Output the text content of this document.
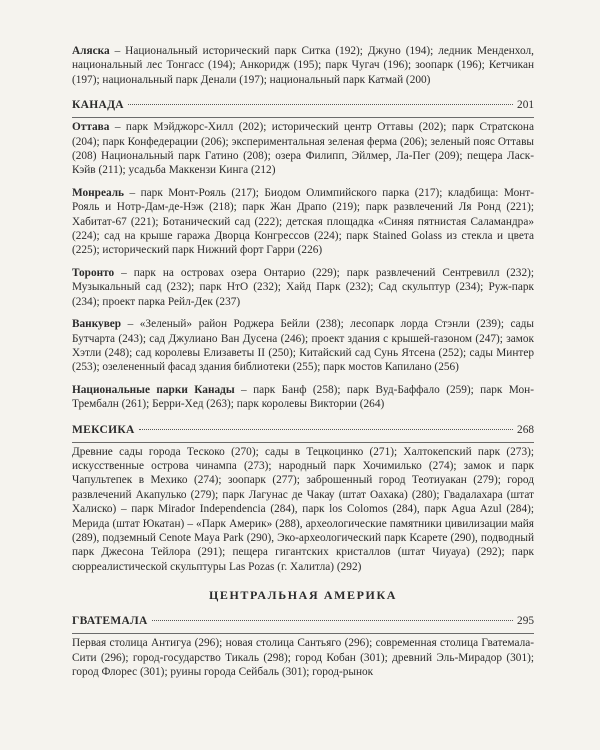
Аляска – Национальный исторический парк Ситка (192); Джуно (194); ледник Менденхол, национальный лес Тонгасс (194); Анкоридж (195); парк Чугач (196); зоопарк (196); Кетчикан (197); национальный парк Денали (197); национальный парк Катмай (200)

КАНАДА	201

Оттава – парк Мэйджорс-Хилл (202); исторический центр Оттавы (202); парк Стратскона (204); парк Конфедерации (206); экспериментальная зеленая ферма (206); зеленый пояс Оттавы (208) Национальный парк Гатино (208); озера Филипп, Эйлмер, Ла-Пег (209); пещера Ласк-Кэйв (211); усадьба Маккензи Кинга (212)

Монреаль – парк Монт-Рояль (217); Биодом Олимпийского парка (217); кладбища: Монт-Рояль и Нотр-Дам-де-Нэж (218); парк Жан Драпо (219); парк развлечений Ля Ронд (221); Хабитат-67 (221); Ботанический сад (222); детская площадка «Синяя пятнистая Саламандра» (224); сад на крыше гаража Дворца Конгрессов (224); парк Stained Golass из стекла и цвета (225); исторический парк Нижний форт Гарри (226)

Торонто – парк на островах озера Онтарио (229); парк развлечений Сентревилл (232); Музыкальный сад (232); парк HтO (232); Хайд Парк (232); Сад скульптур (234); Руж-парк (234); проект парка Рейл-Дек (237)

Ванкувер – «Зеленый» район Роджера Бейли (238); лесопарк лорда Стэнли (239); сады Бутчарта (243); сад Джулиано Ван Дусена (246); проект здания с крышей-газоном (247); замок Хэтли (248); сад королевы Елизаветы II (250); Китайский сад Сунь Ятсена (252); сады Минтер (253); озелененный фасад здания библиотеки (255); парк мостов Капилано (256)

Национальные парки Канады – парк Банф (258); парк Вуд-Баффало (259); парк Мон-Трембалн (261); Берри-Хед (263); парк королевы Виктории (264)

МЕКСИКА	268

Древние сады города Тескоко (270); сады в Тецкоцинко (271); Халтокепский парк (273); искусственные острова чинампа (273); народный парк Хочимилько (274); замок и парк Чапультепек в Мехико (274); зоопарк (277); заброшенный город Теотиуакан (279); город развлечений Акапулько (279); парк Лагунас де Чакау (штат Оахака) (280); Гвадалахара (штат Халиско) – парк Mirador Independencia (284), парк los Colomos (284), парк Agua Azul (284); Мерида (штат Юкатан) – «Парк Америк» (288), археологические памятники цивилизации майя (289), подземный Cenote Maya Park (290), Эко-археологический парк Ксарете (290), подводный парк Джесона Тейлора (291); пещера гигантских кристаллов (штат Чиуауа) (292); парк сюрреалистической скульптуры Las Pozas (г. Халитла) (292)

ЦЕНТРАЛЬНАЯ АМЕРИКА
ГВАТЕМАЛА	295

Первая столица Антигуа (296); новая столица Сантьяго (296); современная столица Гватемала-Сити (296); город-государство Тикаль (298); город Кобан (301); древний Эль-Мирадор (301); город Флорес (301); руины города Сейбаль (301); город-рынок
